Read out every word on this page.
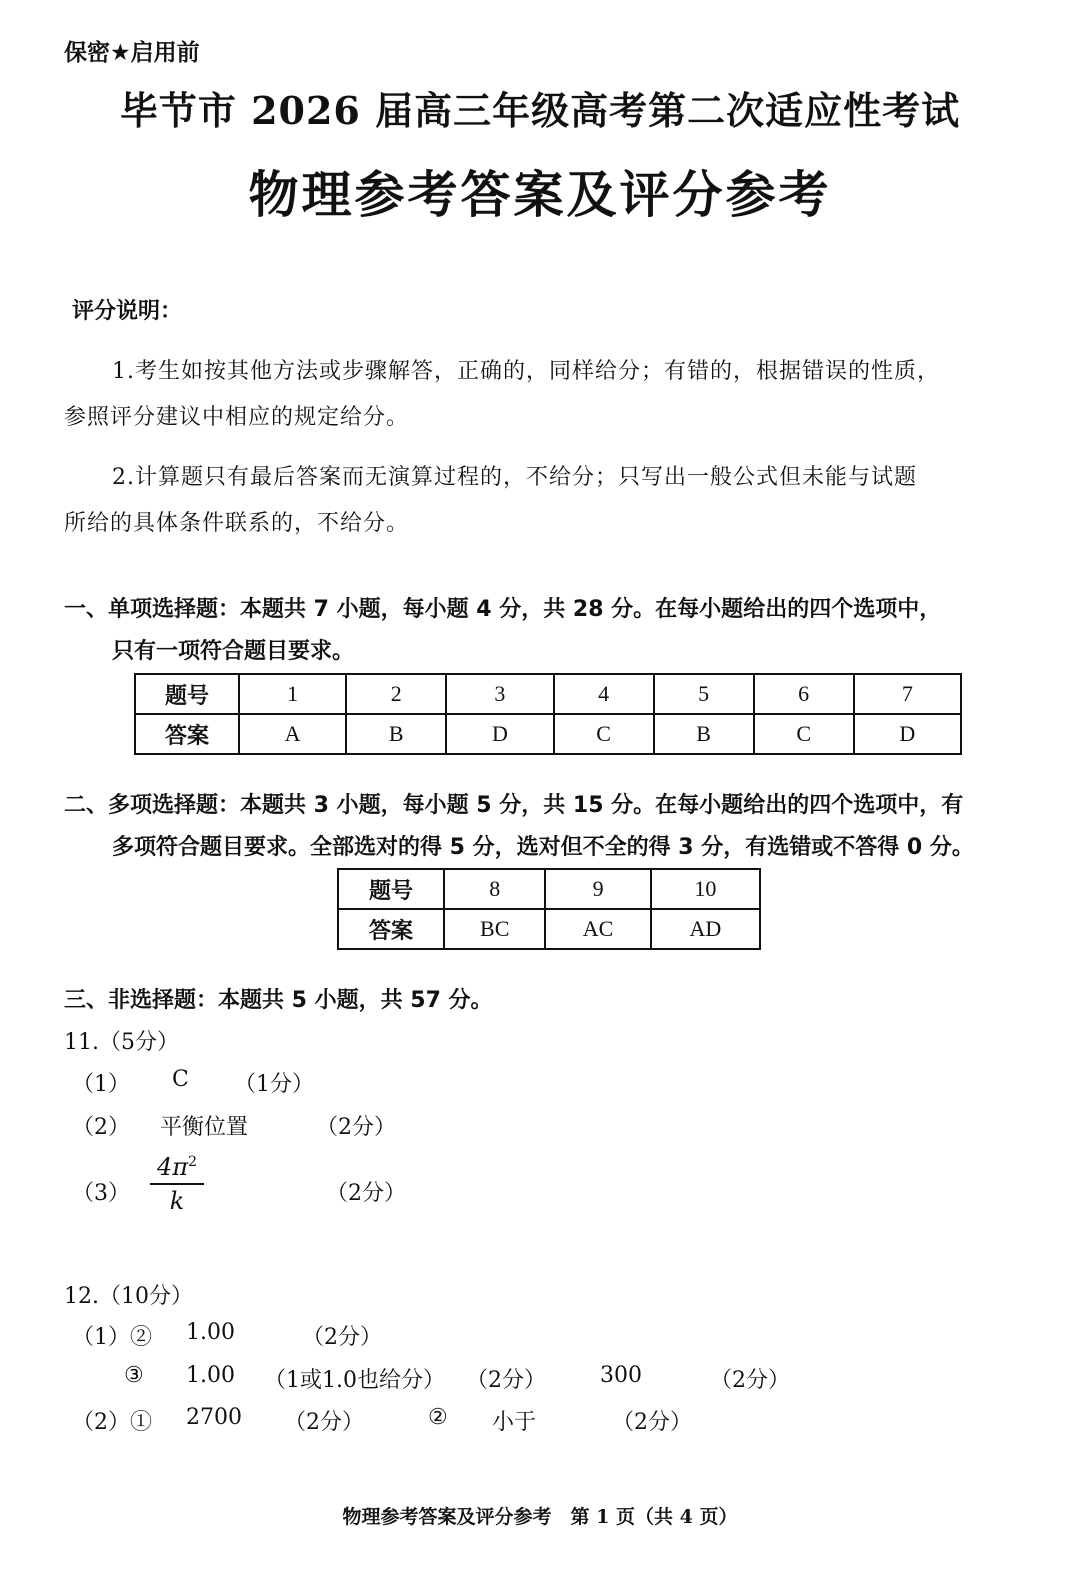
保密★启用前
毕节市 2026 届高三年级高考第二次适应性考试
物理参考答案及评分参考
评分说明：
1.考生如按其他方法或步骤解答，正确的，同样给分；有错的，根据错误的性质，
参照评分建议中相应的规定给分。
2.计算题只有最后答案而无演算过程的，不给分；只写出一般公式但未能与试题
所给的具体条件联系的，不给分。
一、单项选择题：本题共 7 小题，每小题 4 分，共 28 分。在每小题给出的四个选项中，
只有一项符合题目要求。
题号	1	2	3	4	5	6	7
答案	A	B	D	C	B	C	D
二、多项选择题：本题共 3 小题，每小题 5 分，共 15 分。在每小题给出的四个选项中，有
多项符合题目要求。全部选对的得 5 分，选对但不全的得 3 分，有选错或不答得 0 分。
题号	8	9	10
答案	BC	AC	AD
三、非选择题：本题共 5 小题，共 57 分。
11.（5分）
（1） C （1分）
（2） 平衡位置	（2分）
$(3) \frac{4\pi^2}{k}$	（2分）
12.（10分）
（1）② 1.00	（2分）
③ 1.00 （1或1.0也给分） （2分） 300	（2分）
（2）① 2700 （2分）	② 小于	（2分）
物理参考答案及评分参考　第 1 页（共 4 页）
